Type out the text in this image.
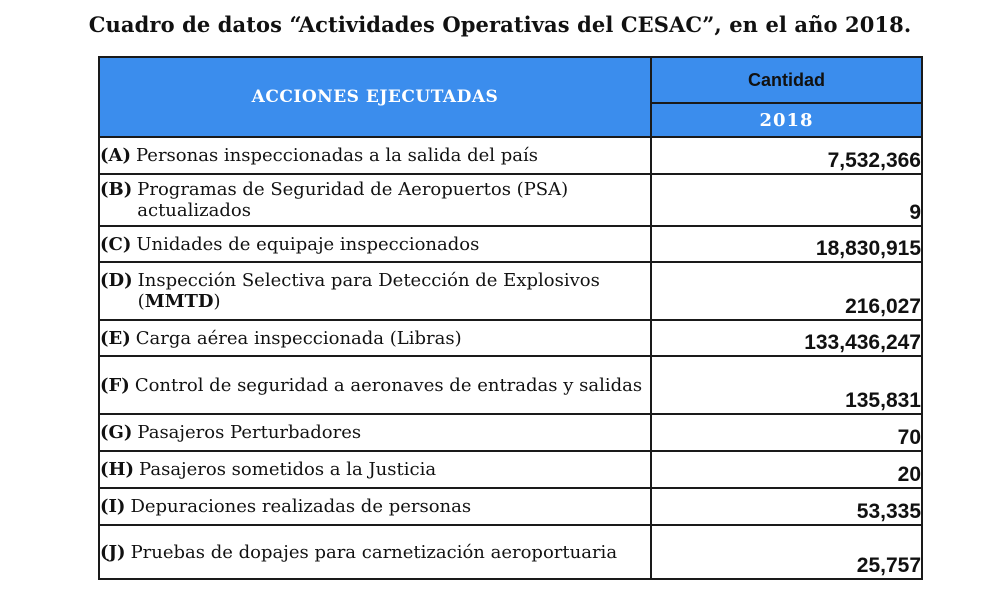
Cuadro de datos “Actividades Operativas del CESAC”, en el año 2018.
ACCIONES EJECUTADAS	Cantidad
	2018

(A) Personas inspeccionadas a la salida del país	7,532,366

(B) Programas de Seguridad de Aeropuertos (PSA) actualizados	9

(C) Unidades de equipaje inspeccionados	18,830,915

(D) Inspección Selectiva para Detección de Explosivos (MMTD)	216,027

(E) Carga aérea inspeccionada (Libras)	133,436,247

(F) Control de seguridad a aeronaves de entradas y salidas	135,831

(G) Pasajeros Perturbadores	70

(H) Pasajeros sometidos a la Justicia	20

(I) Depuraciones realizadas de personas	53,335

(J) Pruebas de dopajes para carnetización aeroportuaria	25,757
